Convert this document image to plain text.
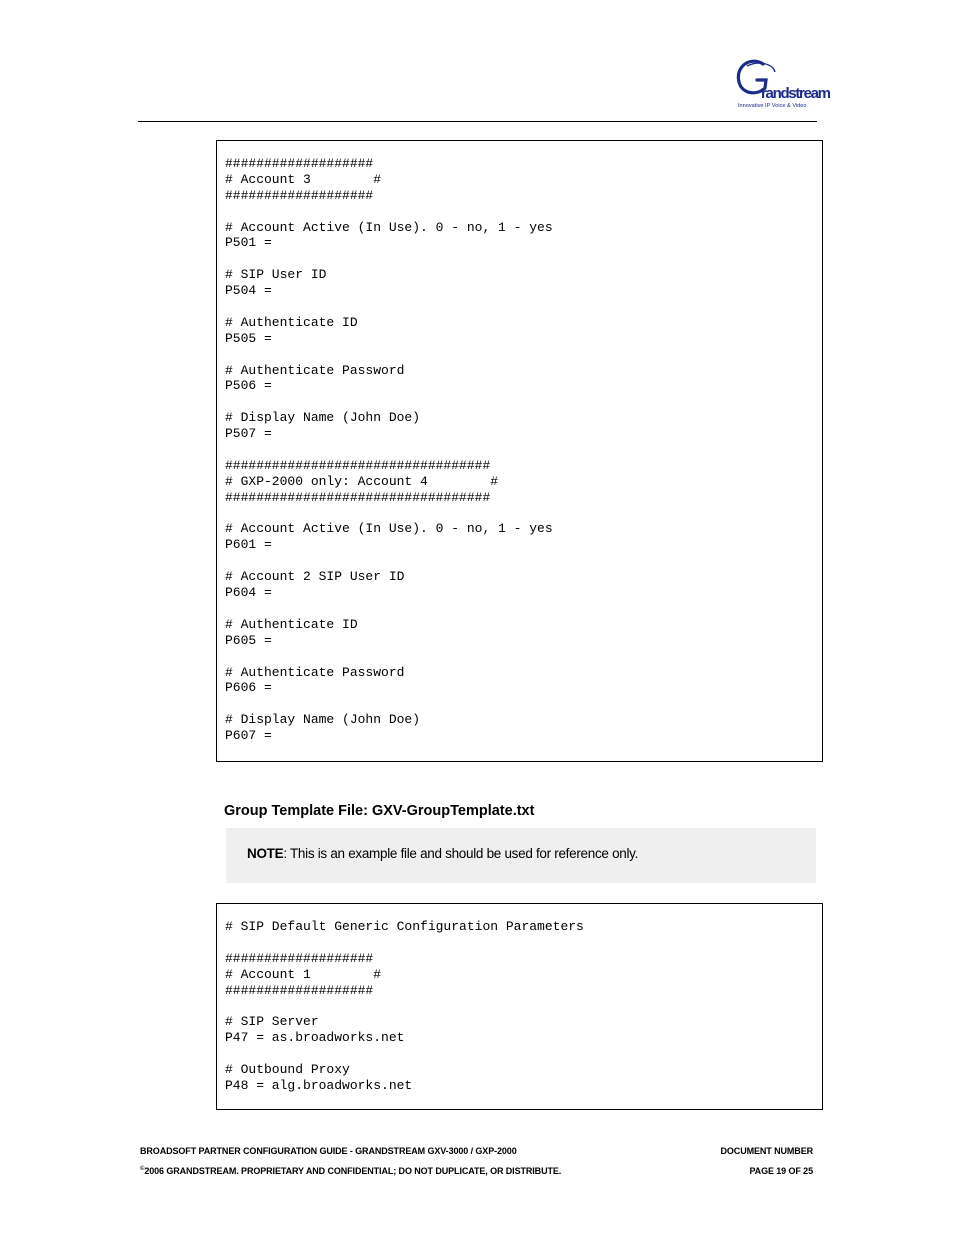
randstream
Innovative IP Voice & Video
###################
# Account 3        #
###################
# Account Active (In Use). 0 - no, 1 - yes
P501 =
# SIP User ID
P504 =
# Authenticate ID
P505 =
# Authenticate Password
P506 =
# Display Name (John Doe)
P507 =
##################################
# GXP-2000 only: Account 4        #
##################################
# Account Active (In Use). 0 - no, 1 - yes
P601 =
# Account 2 SIP User ID
P604 =
# Authenticate ID
P605 =
# Authenticate Password
P606 =
# Display Name (John Doe)
P607 =
Group Template File: GXV-GroupTemplate.txt
NOTE: This is an example file and should be used for reference only.
# SIP Default Generic Configuration Parameters
###################
# Account 1        #
###################
# SIP Server
P47 = as.broadworks.net
# Outbound Proxy
P48 = alg.broadworks.net
BROADSOFT PARTNER CONFIGURATION GUIDE - GRANDSTREAM GXV-3000 / GXP-2000
©2006 GRANDSTREAM. PROPRIETARY AND CONFIDENTIAL; DO NOT DUPLICATE, OR DISTRIBUTE.
DOCUMENT NUMBER
PAGE 19 OF 25
